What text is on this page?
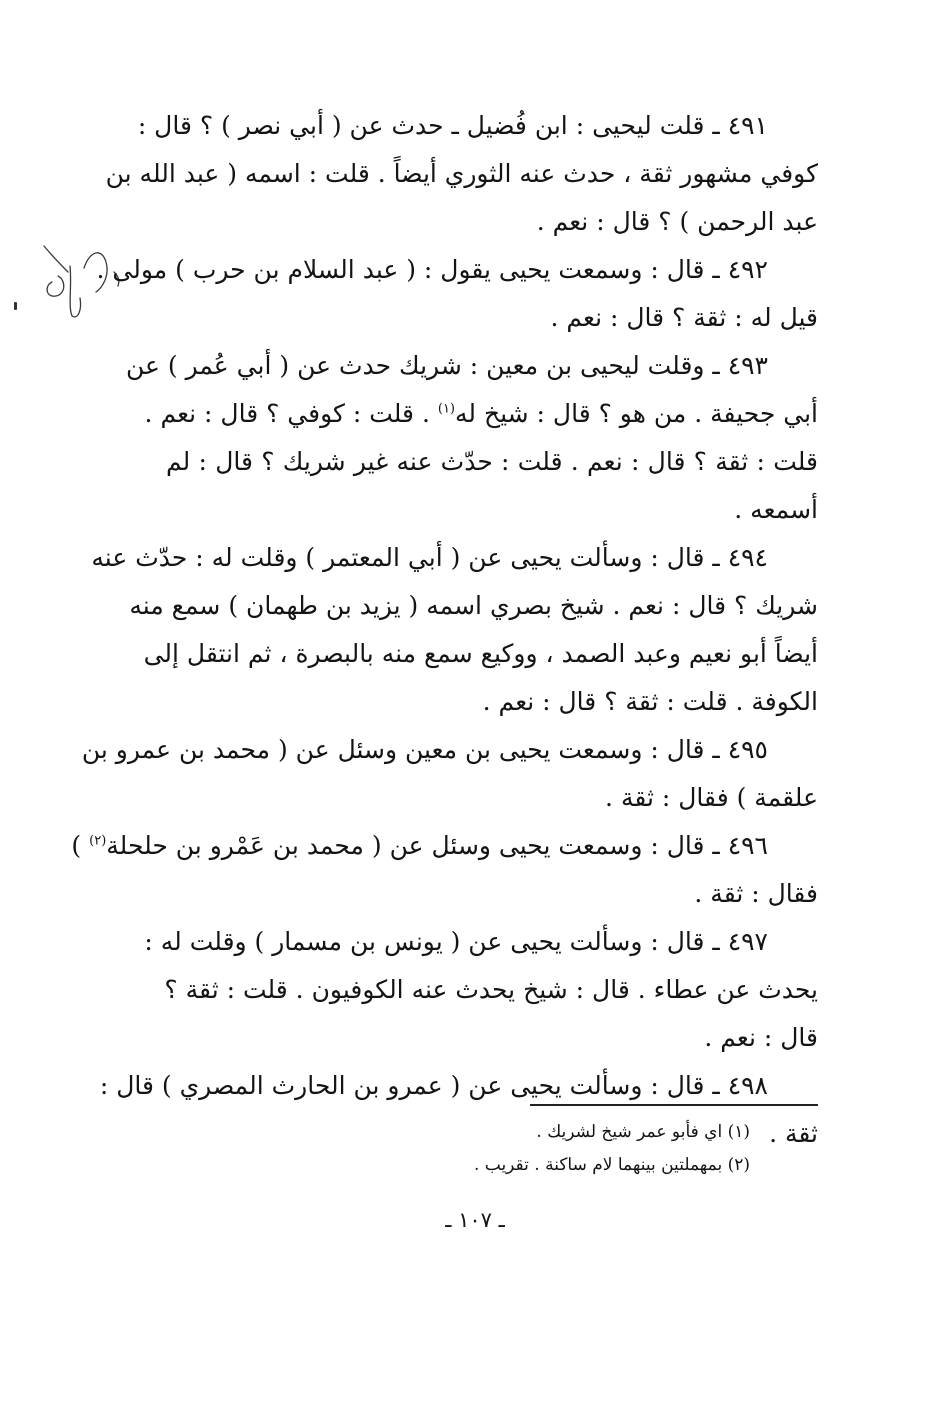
٤٩١ ـ قلت ليحيى : ابن فُضيل ـ حدث عن ( أبي نصر ) ؟ قال :
كوفي مشهور ثقة ، حدث عنه الثوري أيضاً . قلت : اسمه ( عبد الله بن
عبد الرحمن ) ؟ قال : نعم .
٤٩٢ ـ قال : وسمعت يحيى يقول : ( عبد السلام بن حرب ) مولى .
قيل له : ثقة ؟ قال : نعم .
٤٩٣ ـ وقلت ليحيى بن معين : شريك حدث عن ( أبي عُمر ) عن
أبي جحيفة . من هو ؟ قال : شيخ له$^{(١)}$ . قلت : كوفي ؟ قال : نعم .
قلت : ثقة ؟ قال : نعم . قلت : حدّث عنه غير شريك ؟ قال : لم
أسمعه .
٤٩٤ ـ قال : وسألت يحيى عن ( أبي المعتمر ) وقلت له : حدّث عنه
شريك ؟ قال : نعم . شيخ بصري اسمه ( يزيد بن طهمان ) سمع منه
أيضاً أبو نعيم وعبد الصمد ، ووكيع سمع منه بالبصرة ، ثم انتقل إلى
الكوفة . قلت : ثقة ؟ قال : نعم .
٤٩٥ ـ قال : وسمعت يحيى بن معين وسئل عن ( محمد بن عمرو بن
علقمة ) فقال : ثقة .
٤٩٦ ـ قال : وسمعت يحيى وسئل عن ( محمد بن عَمْرو بن حلحلة$^{(٢)}$ )
فقال : ثقة .
٤٩٧ ـ قال : وسألت يحيى عن ( يونس بن مسمار ) وقلت له :
يحدث عن عطاء . قال : شيخ يحدث عنه الكوفيون . قلت : ثقة ؟
قال : نعم .
٤٩٨ ـ قال : وسألت يحيى عن ( عمرو بن الحارث المصري ) قال :
ثقة .
(١) اي فأبو عمر شيخ لشريك .
(٢) بمهملتين بينهما لام ساكنة . تقريب .
ـ ١٠٧ ـ
